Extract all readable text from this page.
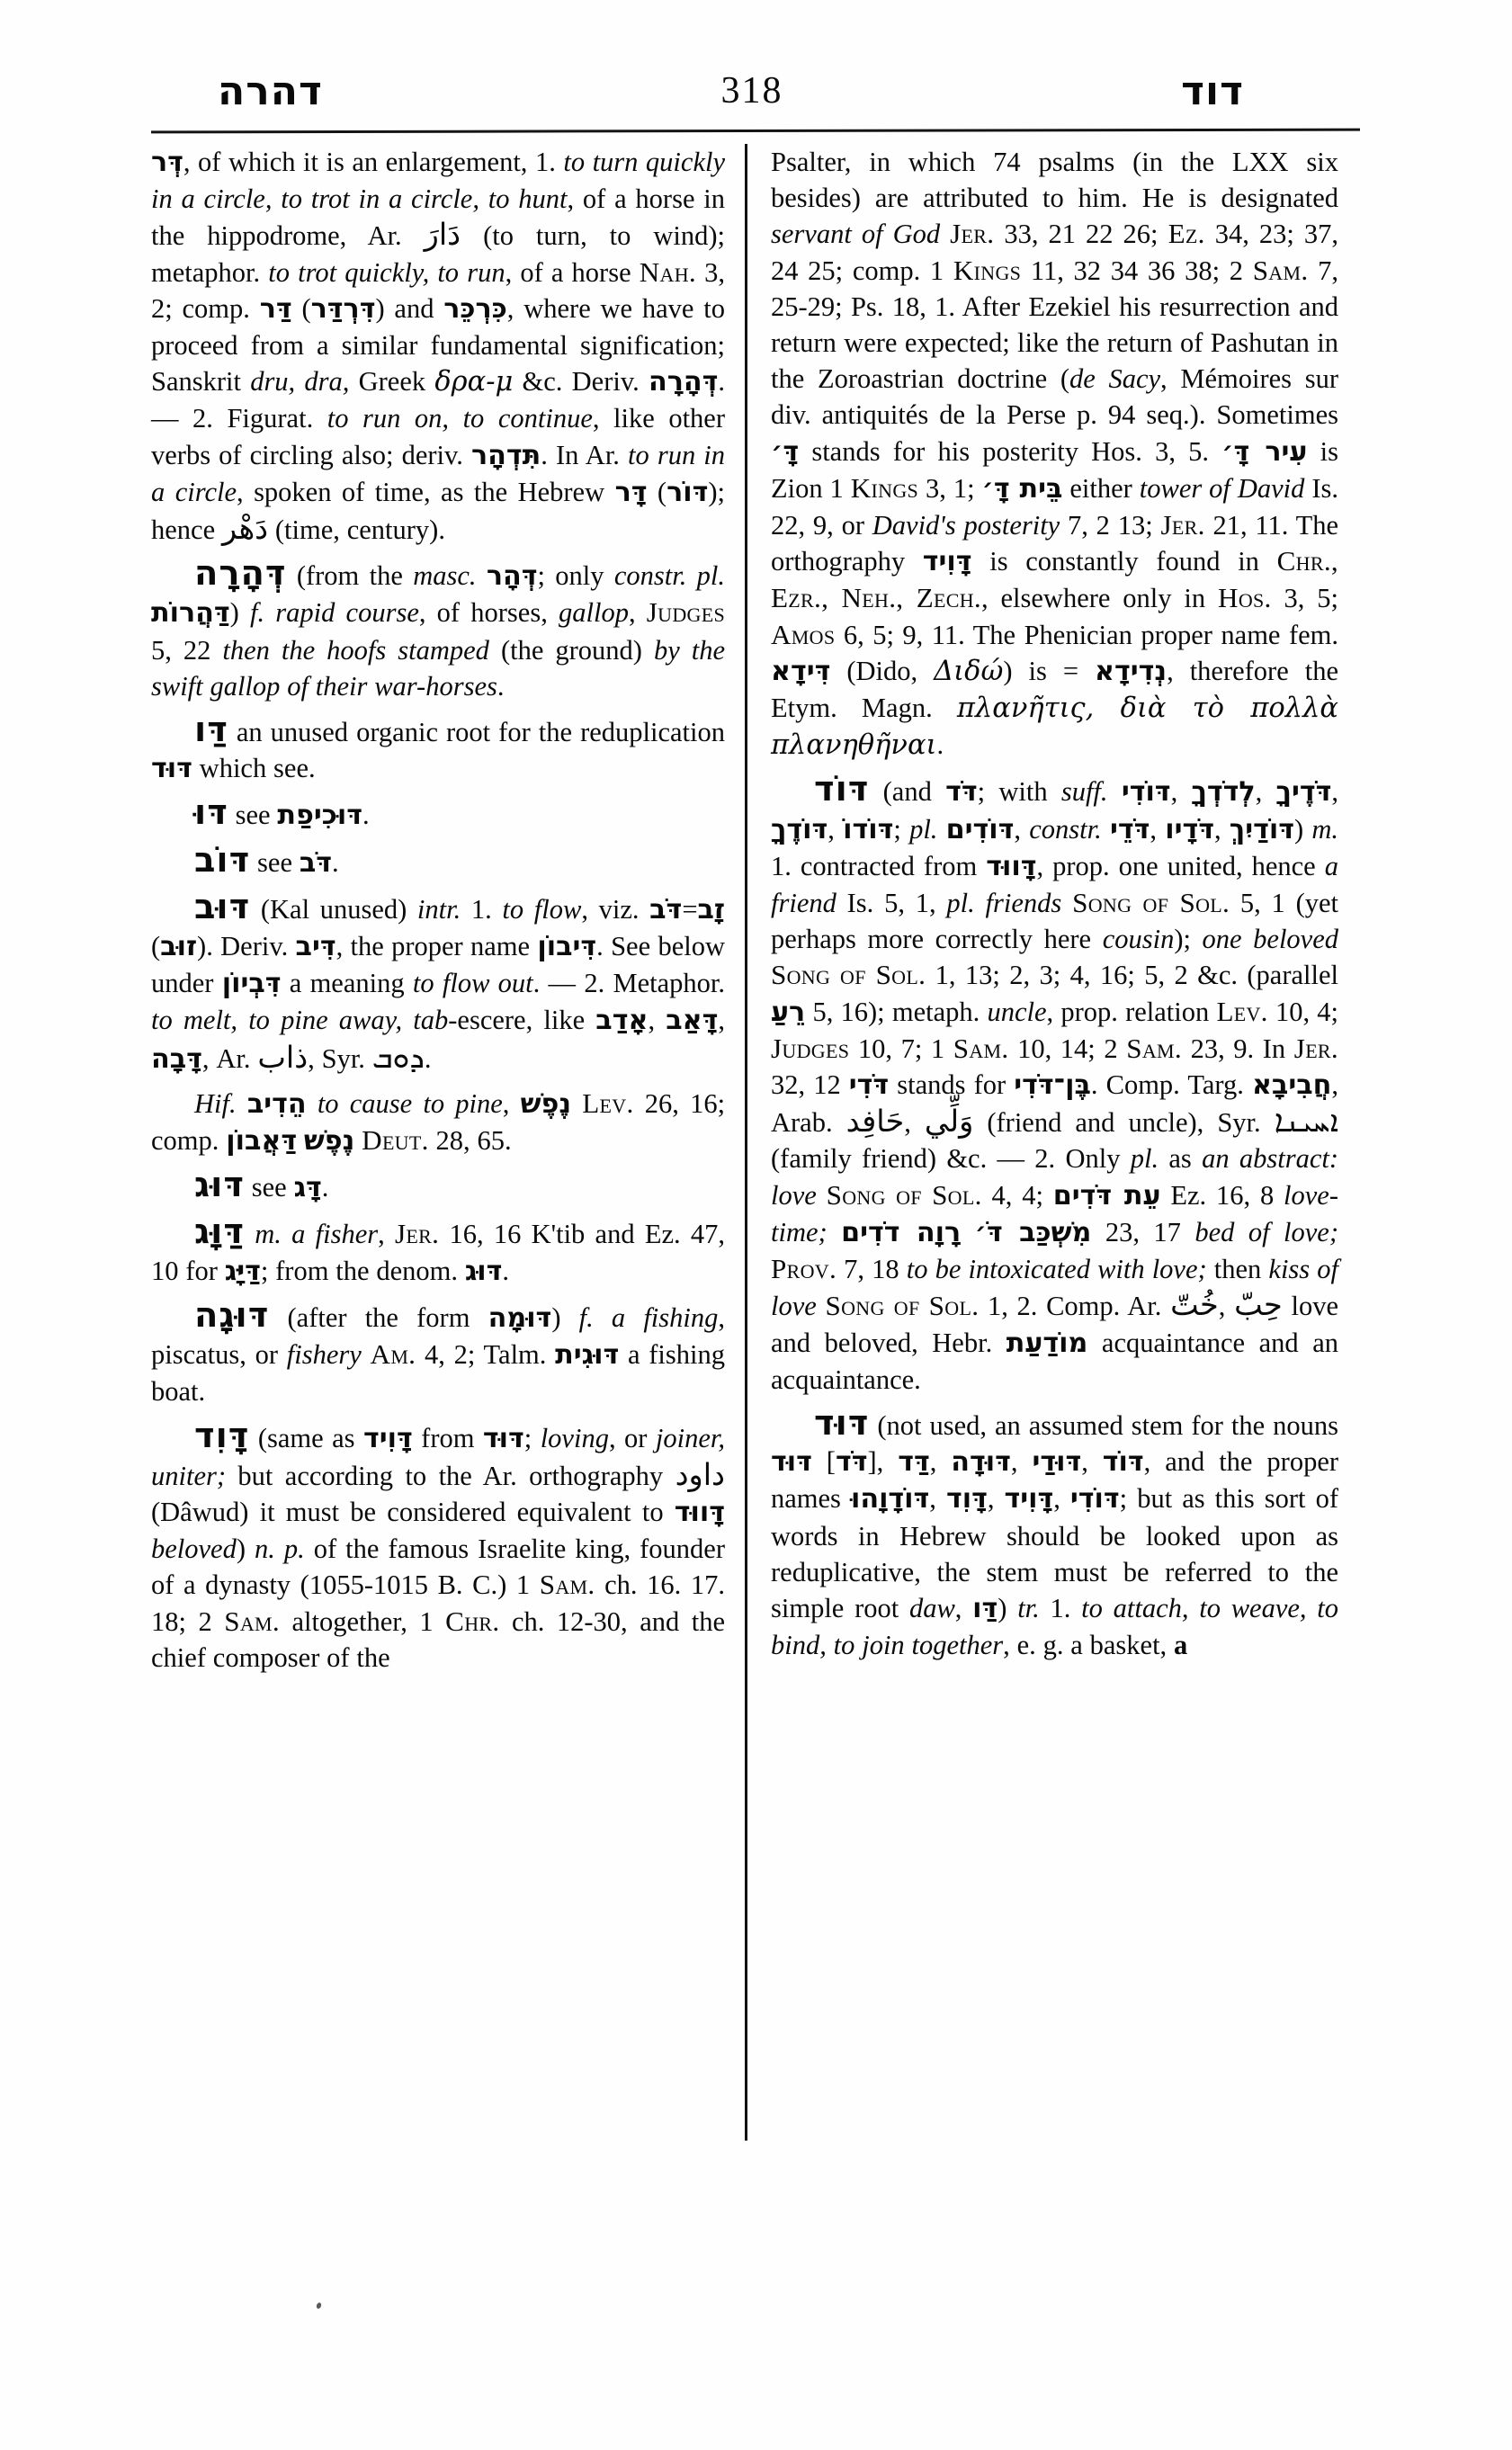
דהרה	318	דוד
דְּר, of which it is an enlargement, 1. to turn quickly in a circle, to trot in a circle, to hunt, of a horse in the hippodrome, Ar. دَارَ (to turn, to wind); metaphor. to trot quickly, to run, of a horse Nah. 3, 2; comp. דַּר (דִּרְדַּר) and כִּרְכֵּר, where we have to proceed from a similar fundamental signification; Sanskrit dru, dra, Greek δρα-μ &c. Deriv. דְּהָרָה. — 2. Figurat. to run on, to continue, like other verbs of circling also; deriv. תִּדְהָר. In Ar. to run in a circle, spoken of time, as the Hebrew דָּר (דּוֹר); hence دَهْر (time, century).
דְּהָרָה (from the masc. דְּהָר; only constr. pl. דַּהֲרוֹת) f. rapid course, of horses, gallop, Judges 5, 22 then the hoofs stamped (the ground) by the swift gallop of their war-horses.
דַּו an unused organic root for the reduplication דּוּד which see.
דּוּ see דּוּכִיפַת.
דּוֹב see דֹּב.
דּוּב (Kal unused) intr. 1. to flow, viz. דֹּב=זָב (זוּב). Deriv. דִּיב, the proper name דִּיבוֹן. See below under דִּבְיוֹן a meaning to flow out. — 2. Metaphor. to melt, to pine away, tab-escere, like אָדַב, דָּאַב, דָּבָה, Ar. ذاب, Syr. ܕܘܒ.
Hif. הֵדִיב to cause to pine, נֶפֶשׁ Lev. 26, 16; comp. דַּאֲבוֹן נֶפֶשׁ Deut. 28, 65.
דּוּג see דָּג.
דַּוָּג m. a fisher, Jer. 16, 16 K'tib and Ez. 47, 10 for דַּיָּג; from the denom. דּוּג.
דּוּגָה (after the form דּוּמָה) f. a fishing, piscatus, or fishery Am. 4, 2; Talm. דּוּגִית a fishing boat.
דָּוִד (same as דָּוִיד from דּוּד; loving, or joiner, uniter; but according to the Ar. orthography داود (Dâwud) it must be considered equivalent to דָּווּד beloved) n. p. of the famous Israelite king, founder of a dynasty (1055-1015 B. C.) 1 Sam. ch. 16. 17. 18; 2 Sam. altogether, 1 Chr. ch. 12-30, and the chief composer of the
Psalter, in which 74 psalms (in the LXX six besides) are attributed to him. He is designated servant of God Jer. 33, 21 22 26; Ez. 34, 23; 37, 24 25; comp. 1 Kings 11, 32 34 36 38; 2 Sam. 7, 25-29; Ps. 18, 1. After Ezekiel his resurrection and return were expected; like the return of Pashutan in the Zoroastrian doctrine (de Sacy, Mémoires sur div. antiquités de la Perse p. 94 seq.). Sometimes דָּ׳ stands for his posterity Hos. 3, 5. עִיר דָּ׳ is Zion 1 Kings 3, 1; בֵּית דָּ׳ either tower of David Is. 22, 9, or David's posterity 7, 2 13; Jer. 21, 11. The orthography דָּוִיד is constantly found in Chr., Ezr., Neh., Zech., elsewhere only in Hos. 3, 5; Amos 6, 5; 9, 11. The Phenician proper name fem. דִּידָא (Dido, Διδώ) is = נְדִידָא, therefore the Etym. Magn. πλανῆτις, διὰ τὸ πολλὰ πλανηθῆναι.
דּוֹד (and דֹּד; with suff. דּוֹדִי, לְדֹדְךָ, דֹּדֶיךָ, דּוֹדֶךָ, דּוֹדוֹ; pl. דּוֹדִים, constr. דֹּדֵי, דֹּדָיו, דּוֹדַיִךְ) m. 1. contracted from דָּווּד, prop. one united, hence a friend Is. 5, 1, pl. friends Song of Sol. 5, 1 (yet perhaps more correctly here cousin); one beloved Song of Sol. 1, 13; 2, 3; 4, 16; 5, 2 &c. (parallel רֵעַ 5, 16); metaph. uncle, prop. relation Lev. 10, 4; Judges 10, 7; 1 Sam. 10, 14; 2 Sam. 23, 9. In Jer. 32, 12 דֹּדִי stands for בֶּן־דֹּדִי. Comp. Targ. חֲבִיבָא, Arab. حَافِد, وَلِّي (friend and uncle), Syr. ܐܚܝܢܐ (family friend) &c. — 2. Only pl. as an abstract: love Song of Sol. 4, 4; עֵת דֹּדִים Ez. 16, 8 love-time; רָוָה דֹדִים מִשְׁכַּב דֹּ׳ 23, 17 bed of love; Prov. 7, 18 to be intoxicated with love; then kiss of love Song of Sol. 1, 2. Comp. Ar. خُتّ, حِبّ love and beloved, Hebr. מוֹדַעַת acquaintance and an acquaintance.
דּוּד (not used, an assumed stem for the nouns דּוּד [דֹּד], דַּד, דּוּדָה, דּוּדַי, דּוֹד, and the proper names דּוֹדָוָהוּ, דָּוִד, דָּוִיד, דּוֹדִי; but as this sort of words in Hebrew should be looked upon as reduplicative, the stem must be referred to the simple root daw, דַּו) tr. 1. to attach, to weave, to bind, to join together, e. g. a basket, a
